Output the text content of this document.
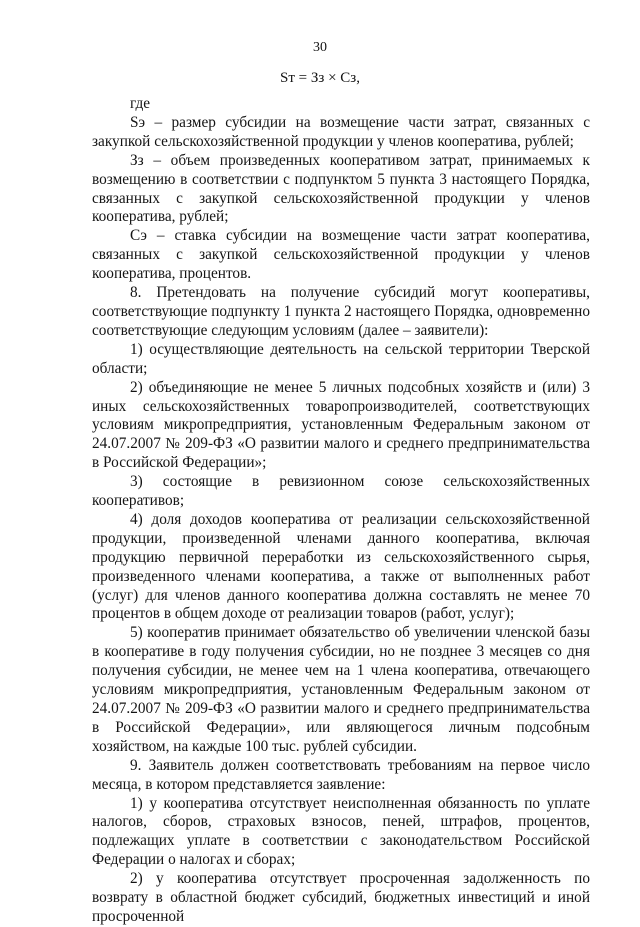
30
Sт = Зз × Сз,

где

Sэ – размер субсидии на возмещение части затрат, связанных с закупкой сельскохозяйственной продукции у членов кооператива, рублей;

Зз – объем произведенных кооперативом затрат, принимаемых к возмещению в соответствии с подпунктом 5 пункта 3 настоящего Порядка, связанных с закупкой сельскохозяйственной продукции у членов кооператива, рублей;

Сэ – ставка субсидии на возмещение части затрат кооператива, связанных с закупкой сельскохозяйственной продукции у членов кооператива, процентов.

8. Претендовать на получение субсидий могут кооперативы, соответствующие подпункту 1 пункта 2 настоящего Порядка, одновременно соответствующие следующим условиям (далее – заявители):

1) осуществляющие деятельность на сельской территории Тверской области;

2) объединяющие не менее 5 личных подсобных хозяйств и (или) 3 иных сельскохозяйственных товаропроизводителей, соответствующих условиям микропредприятия, установленным Федеральным законом от 24.07.2007 № 209-ФЗ «О развитии малого и среднего предпринимательства в Российской Федерации»;

3) состоящие в ревизионном союзе сельскохозяйственных кооперативов;

4) доля доходов кооператива от реализации сельскохозяйственной продукции, произведенной членами данного кооператива, включая продукцию первичной переработки из сельскохозяйственного сырья, произведенного членами кооператива, а также от выполненных работ (услуг) для членов данного кооператива должна составлять не менее 70 процентов в общем доходе от реализации товаров (работ, услуг);

5) кооператив принимает обязательство об увеличении членской базы в кооперативе в году получения субсидии, но не позднее 3 месяцев со дня получения субсидии, не менее чем на 1 члена кооператива, отвечающего условиям микропредприятия, установленным Федеральным законом от 24.07.2007 № 209-ФЗ «О развитии малого и среднего предпринимательства в Российской Федерации», или являющегося личным подсобным хозяйством, на каждые 100 тыс. рублей субсидии.

9. Заявитель должен соответствовать требованиям на первое число месяца, в котором представляется заявление:

1) у кооператива отсутствует неисполненная обязанность по уплате налогов, сборов, страховых взносов, пеней, штрафов, процентов, подлежащих уплате в соответствии с законодательством Российской Федерации о налогах и сборах;

2) у кооператива отсутствует просроченная задолженность по возврату в областной бюджет субсидий, бюджетных инвестиций и иной просроченной
